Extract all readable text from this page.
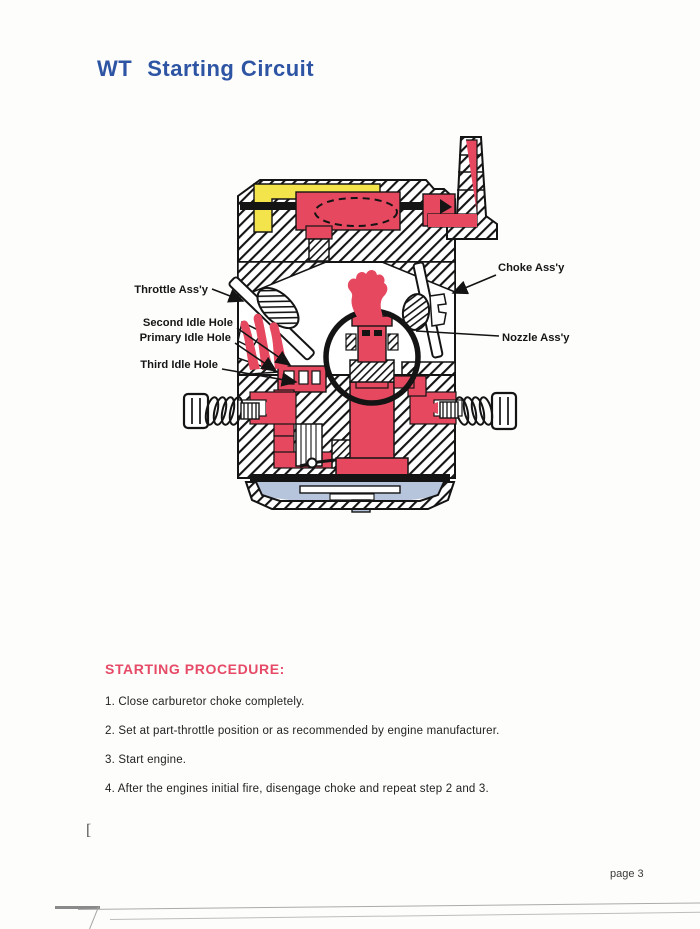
WT Starting Circuit
Throttle Ass'y
Second Idle Hole
Primary Idle Hole
Third Idle Hole
Choke Ass'y
Nozzle Ass'y
STARTING PROCEDURE:

1. Close carburetor choke completely.

2. Set at part-throttle position or as recommended by engine manufacturer.

3. Start engine.

4. After the engines initial fire, disengage choke and repeat step 2 and 3.

[
page 3
